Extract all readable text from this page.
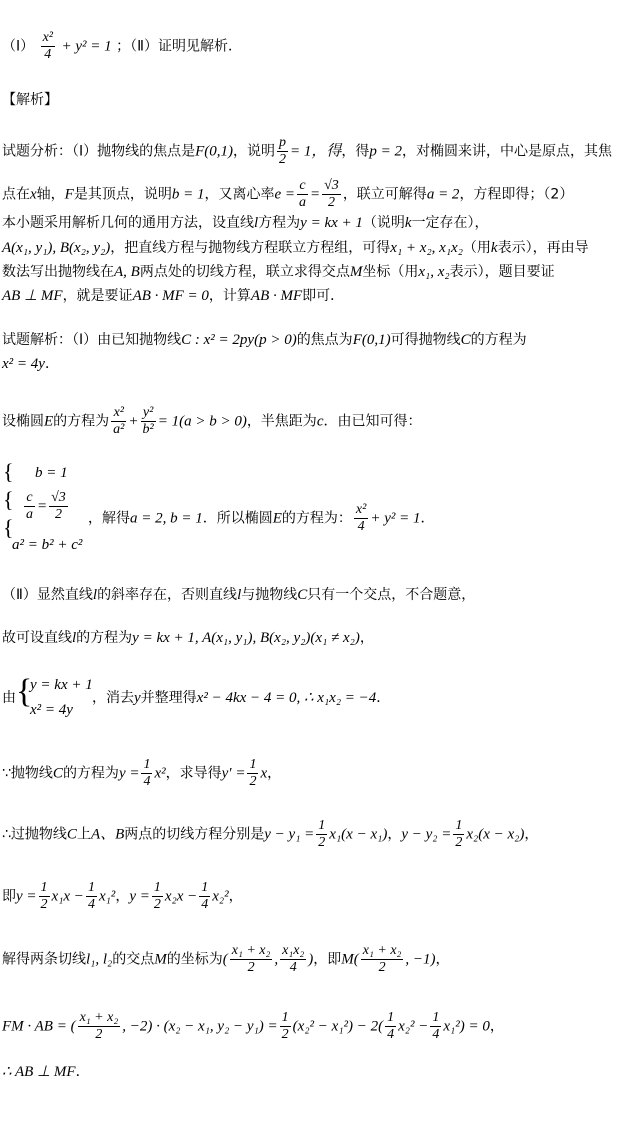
（Ⅰ） $\frac{\text{x²}}{4} + y^2 = 1$ ；（Ⅱ）证明见解析．
【解析】
试题分析：（Ⅰ）抛物线的焦点是F(0,1)，说明 $\frac{p}{2} = 1$，得，得p = 2，对椭圆来讲，中心是原点，其焦
点在x轴，F是其顶点，说明b = 1，又离心率$e = \frac{c}{a} = \frac{√3}{2}$ ，联立可解得a = 2，方程即得；（2）
本小题采用解析几何的通用方法，设直线l方程为y = kx + 1（说明k一定存在），
A(x₁, y₁), B(x₂, y₂)，把直线方程与抛物线方程联立方程组，可得x₁ + x₂, x₁x₂（用k表示），再由导
数法写出抛物线在A, B两点处的切线方程，联立求得交点M坐标（用x₁, x₂表示），题目要证
AB ⊥ MF，就是要证AB · MF = 0，计算AB · MF即可．
试题解析：（Ⅰ）由已知抛物线C : x² = 2py(p > 0)的焦点为F(0,1)可得抛物线C的方程为
x² = 4y．
设椭圆E的方程为 $\frac{\text{x²}}{\text{a²}} + \frac{\text{y²}}{\text{b²}} = 1(a > b > 0)$，半焦距为c．由已知可得：
{
{
{
b = 1
$\frac{c}{a} = \frac{√3}{2}$
a² = b² + c²
，解得a = 2, b = 1．所以椭圆E的方程为： $\frac{\text{x²}}{4} + y^2 = 1$．
（Ⅱ）显然直线l的斜率存在，否则直线l与抛物线C只有一个交点，不合题意，
故可设直线l的方程为y = kx + 1, A(x₁, y₁), B(x₂, y₂)(x₁ ≠ x₂)，
由 {
y = kx + 1
x² = 4y
，消去y并整理得x² − 4kx − 4 = 0, ∴ x₁x₂ = −4．
∵抛物线C的方程为$y = \frac{1}{4} x^2$，求导得$y' = \frac{1}{2}$ x，
∴过抛物线C上A、B两点的切线方程分别是$y - y_1 = \frac{1}{2} x_1(x - x_1)$，$y - y_2 = \frac{1}{2} x_2(x - x_2)$，
即$y = \frac{1}{2} x_1x - \frac{1}{4} x_1^2$，$y = \frac{1}{2} x_2x - \frac{1}{4} x_2^2$，
解得两条切线l₁, l₂的交点M的坐标为( $\frac{\text{x₁ + x₂}}{2}$ , $\frac{\text{x₁x₂}}{4}$ )，即$M( \frac{\text{x₁ + x₂}}{2}$ , −1)，
FM · AB = ( $\frac{\text{x₁ + x₂}}{2}$ , −2) · (x₂ − x₁, $y_2 - y_1) = \frac{1}{2} (x_2^2 - x_1^2) - 2( \frac{1}{4} x_2^2 - \frac{1}{4} x_1^2) = 0$，
∴ AB ⊥ MF．
